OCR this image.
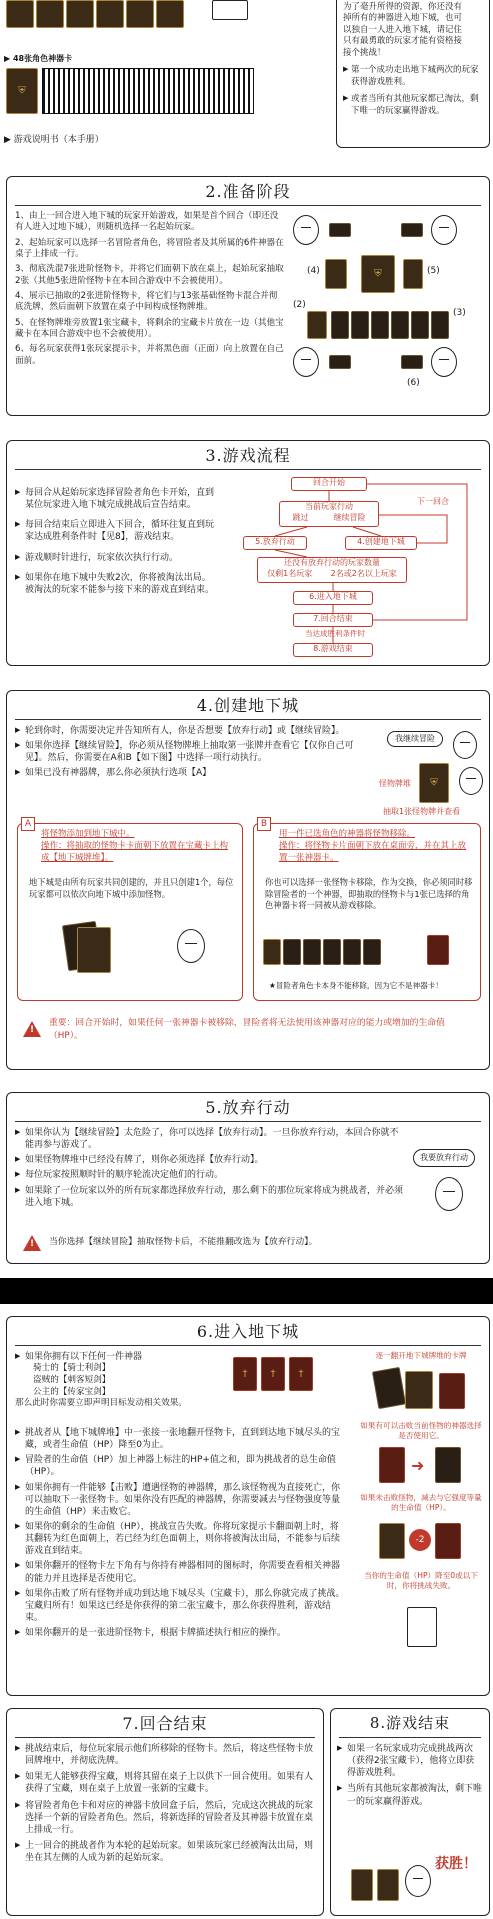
▶ 48张角色神器卡
⛨
▶ 游戏说明书（本手册）
为了毫升所得的资源，你还没有
掉所有的神器进入地下城，也可
以独自一人进入地下城，请记住
只有最勇敢的玩家才能有资格接
接个挑战！
▶ 第一个成功走出地下城两次的玩家获得游戏胜利。
▶ 或者当所有其他玩家都已淘汰，剩下唯一的玩家赢得游戏。
2.准备阶段
1、由上一回合进入地下城的玩家开始游戏，如果是首个回合（即还没有人进入过地下城），则随机选择一名起始玩家。
2、起始玩家可以选择一名冒险者角色，将冒险者及其所属的6件神器在桌子上排成一行。
3、彻底洗混7张进阶怪物卡，并将它们面朝下放在桌上，起始玩家抽取2张（其他5张进阶怪物卡在本回合游戏中不会被使用）。
4、展示已抽取的2张进阶怪物卡，将它们与13张基础怪物卡混合并彻底洗牌，然后面朝下放置在桌子中间构成怪物牌堆。
5、在怪物牌堆旁放置1张宝藏卡，将剩余的宝藏卡片放在一边（其他宝藏卡在本回合游戏中也不会被使用）。
6、每名玩家获得1张玩家提示卡，并将黑色面（正面）向上放置在自己面前。
(4)	⛨	(5)
(2)
(6)
(3)
3.游戏流程
▶ 每回合从起始玩家选择冒险者角色卡开始，直到某位玩家进入地下城完成挑战后宣告结束。
▶ 每回合结束后立即进入下回合，循环往复直到玩家达成胜利条件时【见8】，游戏结束。
▶ 游戏顺时针进行，玩家依次执行行动。
▶ 如果你在地下城中失败2次，你将被淘汰出局。被淘汰的玩家不能参与接下来的游戏直到结束。
回合开始
下一回合
当前玩家行动
跳过	继续冒险
5.放弃行动	4.创建地下城
还没有放弃行动的玩家数量
仅剩1名玩家 2名或2名以上玩家
6.进入地下城
7.回合结束
当达成胜利条件时
8.游戏结束
4.创建地下城
▶ 轮到你时，你需要决定并告知所有人，你是否想要【放弃行动】或【继续冒险】。
▶ 如果你选择【继续冒险】，你必须从怪物牌堆上抽取第一张牌并查看它【仅你自己可见】。然后，你需要在A和B【如下图】中选择一项行动执行。
▶ 如果已没有神器牌，那么你必须执行选项【A】
我继续冒险
怪物牌堆 ⛨
抽取1张怪物牌并查看
A
将怪物添加到地下城中。
操作：将抽取的怪物卡卡面朝下放置在宝藏卡上构成【地下城牌堆】。
地下城是由所有玩家共同创建的，并且只创建1个，每位玩家都可以依次向地下城中添加怪物。
B
用一件已选角色的神器将怪物移除。
操作：将怪物卡片面朝下放在桌面旁，并在其上放置一张神器卡。
你也可以选择一张怪物卡移除，作为交换，你必须同时移除冒险者的一个神器，即抽取的怪物卡与1张已选择的角色神器卡将一同被从游戏移除。
★冒险者角色卡本身不能移除，因为它不是神器卡！
!
重要：回合开始时，如果任何一张神器卡被移除，冒险者将无法使用该神器对应的能力或增加的生命值（HP）。
5.放弃行动
▶ 如果你认为【继续冒险】太危险了，你可以选择【放弃行动】。一旦你放弃行动，本回合你就不能再参与游戏了。
▶ 如果怪物牌堆中已经没有牌了，则你必须选择【放弃行动】。
▶ 每位玩家按照顺时针的顺序轮流决定他们的行动。
▶ 如果除了一位玩家以外的所有玩家都选择放弃行动，那么剩下的那位玩家将成为挑战者，并必须进入地下城。
我要放弃行动
! 当你选择【继续冒险】抽取怪物卡后，不能推翻改选为【放弃行动】。
6.进入地下城
▶ 如果你拥有以下任何一件神器
骑士的【骑士利剑】
盗贼的【刺客短剑】
公主的【传家宝剑】
那么此时你需要立即声明目标发动相关效果。
† † †
▶ 挑战者从【地下城牌堆】中一张接一张地翻开怪物卡，直到到达地下城尽头的宝藏，或者生命值（HP）降至0为止。
▶ 冒险者的生命值（HP）加上神器上标注的HP+值之和，即为挑战者的总生命值（HP）。
▶ 如果你拥有一件能够【击败】遭遇怪物的神器牌，那么该怪物视为直接死亡，你可以抽取下一张怪物卡。如果你没有匹配的神器牌，你需要减去与怪物强度等量的生命值（HP）来击败它。
▶ 如果你的剩余的生命值（HP），挑战宣告失败。你将玩家提示卡翻面朝上时，将其翻转为红色面朝上，若已经为红色面朝上，则你将被淘汰出局，不能参与后续游戏直到结束。
▶ 如果你翻开的怪物卡左下角有与你持有神器相同的图标时，你需要查看相关神器的能力并且选择是否使用它。
▶ 如果你击败了所有怪物并成功到达地下城尽头（宝藏卡），那么你就完成了挑战。宝藏归所有！如果这已经是你获得的第二张宝藏卡，那么你获得胜利，游戏结束。
▶ 如果你翻开的是一张进阶怪物卡，根据卡牌描述执行相应的操作。
逐一翻开地下城牌堆的卡牌
如果有可以击败当前怪物的神器选择是否使用它。
➜
如果未击败怪物，减去与它强度等量的生命值（HP）。
-2
当你的生命值（HP）降至0或以下时，你将挑战失败。
7.回合结束
▶ 挑战结束后，每位玩家展示他们所移除的怪物卡。然后，将这些怪物卡放回牌堆中，并彻底洗牌。
▶ 如果无人能够获得宝藏，则将其留在桌子上以供下一回合使用。如果有人获得了宝藏，则在桌子上放置一张新的宝藏卡。
▶ 将冒险者角色卡和对应的神器卡放回盒子后，然后，完成这次挑战的玩家选择一个新的冒险者角色。然后，将新选择的冒险者及其神器卡放置在桌上排成一行。
▶ 上一回合的挑战者作为本轮的起始玩家。如果该玩家已经被淘汰出局，则坐在其左侧的人成为新的起始玩家。
8.游戏结束
▶ 如果一名玩家成功完成挑战两次（获得2张宝藏卡），他将立即获得游戏胜利。
▶ 当所有其他玩家都被淘汰，剩下唯一的玩家赢得游戏。
获胜！
